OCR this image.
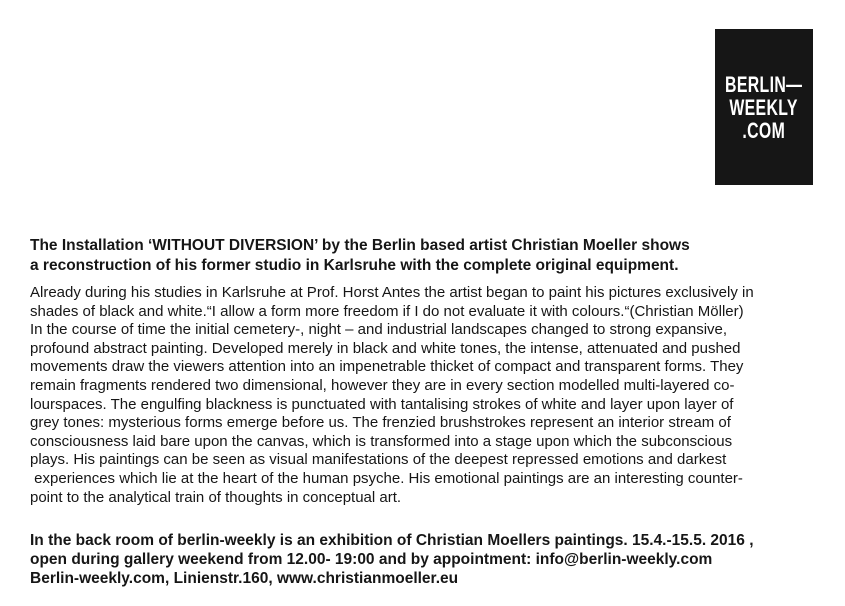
BERLIN—
WEEKLY
.COM
The Installation ‘WITHOUT DIVERSION’ by the Berlin based artist Christian Moeller shows
a reconstruction of his former studio in Karlsruhe with the complete original equipment.
Already during his studies in Karlsruhe at Prof. Horst Antes the artist began to paint his pictures exclusively in
shades of black and white.“I allow a form more freedom if I do not evaluate it with colours.“(Christian Möller)
In the course of time the initial cemetery-, night – and industrial landscapes changed to strong expansive,
profound abstract painting. Developed merely in black and white tones, the intense, attenuated and pushed
movements draw the viewers attention into an impenetrable thicket of compact and transparent forms. They
remain fragments rendered two dimensional, however they are in every section modelled multi-layered co-
lourspaces. The engulfing blackness is punctuated with tantalising strokes of white and layer upon layer of
grey tones: mysterious forms emerge before us. The frenzied brushstrokes represent an interior stream of
consciousness laid bare upon the canvas, which is transformed into a stage upon which the subconscious
plays. His paintings can be seen as visual manifestations of the deepest repressed emotions and darkest
experiences which lie at the heart of the human psyche. His emotional paintings are an interesting counter-
point to the analytical train of thoughts in conceptual art.
In the back room of berlin-weekly is an exhibition of Christian Moellers paintings. 15.4.-15.5. 2016 ,
open during gallery weekend from 12.00- 19:00 and by appointment: info@berlin-weekly.com
Berlin-weekly.com, Linienstr.160, www.christianmoeller.eu
